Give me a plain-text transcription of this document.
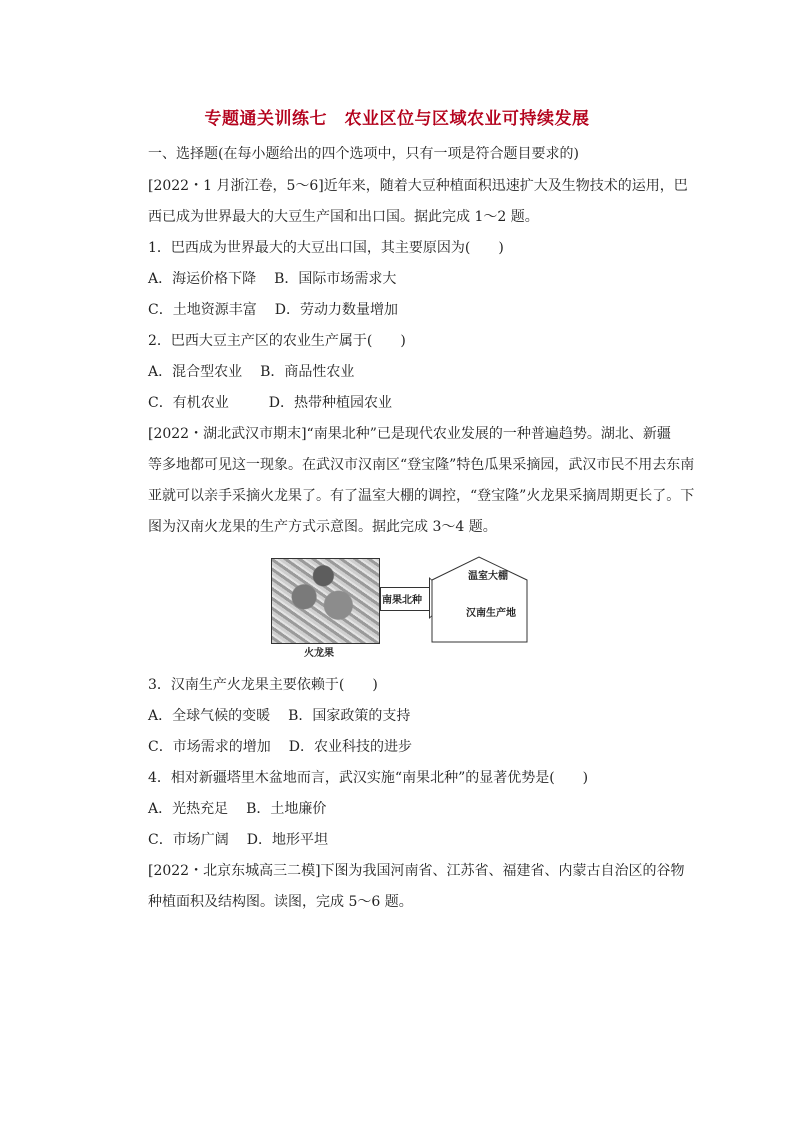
专题通关训练七　农业区位与区域农业可持续发展
一、选择题(在每小题给出的四个选项中，只有一项是符合题目要求的)
[2022・1 月浙江卷，5～6]近年来，随着大豆种植面积迅速扩大及生物技术的运用，巴
西已成为世界最大的大豆生产国和出口国。据此完成 1～2 题。
1．巴西成为世界最大的大豆出口国，其主要原因为(　　)
A．海运价格下降 B．国际市场需求大
C．土地资源丰富 D．劳动力数量增加
2．巴西大豆主产区的农业生产属于(　　)
A．混合型农业 B．商品性农业
C．有机农业	D．热带种植园农业
[2022・湖北武汉市期末]“南果北种”已是现代农业发展的一种普遍趋势。湖北、新疆
等多地都可见这一现象。在武汉市汉南区“登宝隆”特色瓜果采摘园，武汉市民不用去东南
亚就可以亲手采摘火龙果了。有了温室大棚的调控，“登宝隆”火龙果采摘周期更长了。下
图为汉南火龙果的生产方式示意图。据此完成 3～4 题。
火龙果
南果北种
温室大棚
汉南生产地
3．汉南生产火龙果主要依赖于(　　)
A．全球气候的变暖 B．国家政策的支持
C．市场需求的增加 D．农业科技的进步
4．相对新疆塔里木盆地而言，武汉实施“南果北种”的显著优势是(　　)
A．光热充足 B．土地廉价
C．市场广阔 D．地形平坦
[2022・北京东城高三二模]下图为我国河南省、江苏省、福建省、内蒙古自治区的谷物
种植面积及结构图。读图，完成 5～6 题。
